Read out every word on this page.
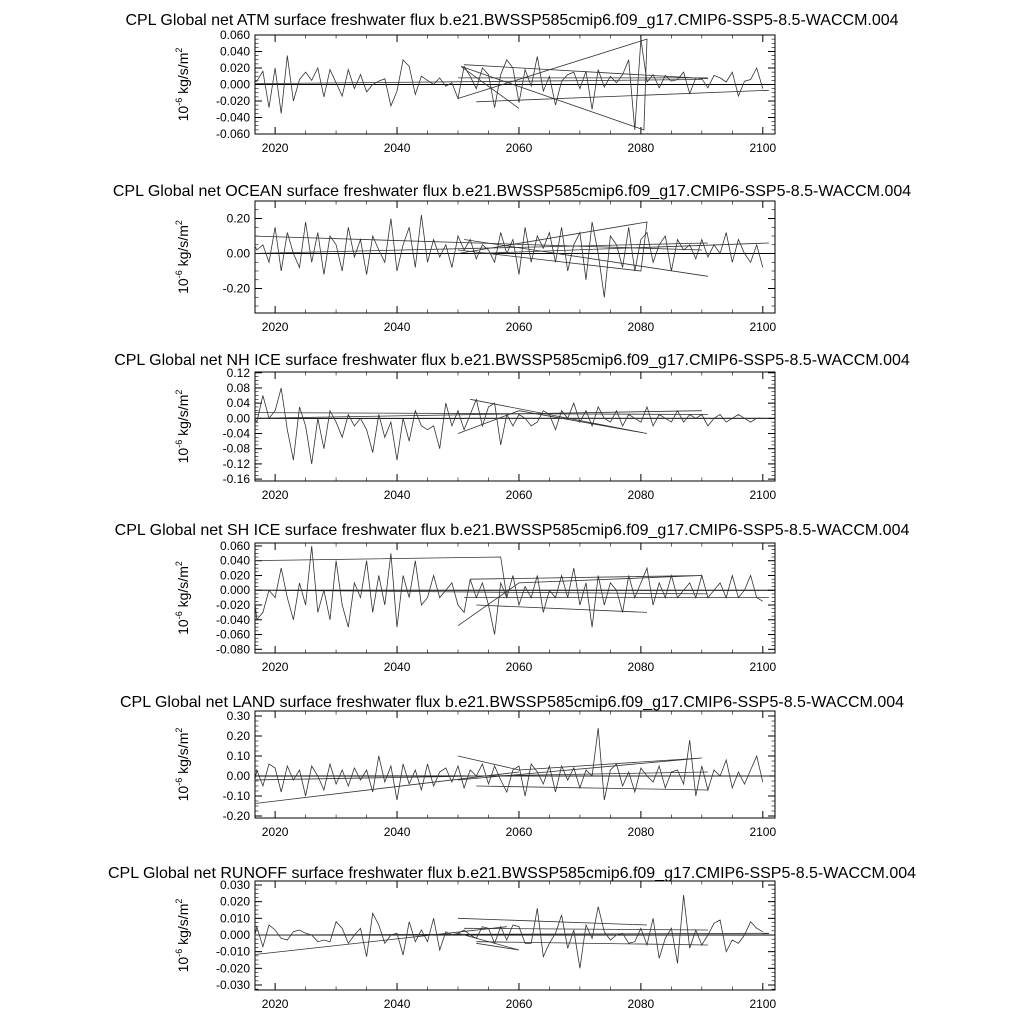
CPL Global net ATM surface freshwater flux b.e21.BWSSP585cmip6.f09_g17.CMIP6-SSP5-8.5-WACCM.004
-0.060
-0.040
-0.020
0.000
0.020
0.040
0.060
2020	2040	2060	2080	2100
$10^{-6}$ $kg/s/m^2$
CPL Global net OCEAN surface freshwater flux b.e21.BWSSP585cmip6.f09_g17.CMIP6-SSP5-8.5-WACCM.004
-0.20
0.00
0.20
2020	2040	2060	2080	2100
$10^{-6}$ $kg/s/m^2$
CPL Global net NH ICE surface freshwater flux b.e21.BWSSP585cmip6.f09_g17.CMIP6-SSP5-8.5-WACCM.004
-0.16
-0.12
-0.08
-0.04
0.00
0.04
0.08
0.12
2020	2040	2060	2080	2100
$10^{-6}$ $kg/s/m^2$
CPL Global net SH ICE surface freshwater flux b.e21.BWSSP585cmip6.f09_g17.CMIP6-SSP5-8.5-WACCM.004
-0.080
-0.060
-0.040
-0.020
0.000
0.020
0.040
0.060
2020	2040	2060	2080	2100
$10^{-6}$ $kg/s/m^2$
CPL Global net LAND surface freshwater flux b.e21.BWSSP585cmip6.f09_g17.CMIP6-SSP5-8.5-WACCM.004
-0.20
-0.10
0.00
0.10
0.20
0.30
2020	2040	2060	2080	2100
$10^{-6}$ $kg/s/m^2$
CPL Global net RUNOFF surface freshwater flux b.e21.BWSSP585cmip6.f09_g17.CMIP6-SSP5-8.5-WACCM.004
-0.030
-0.020
-0.010
0.000
0.010
0.020
0.030
2020	2040	2060	2080	2100
$10^{-6}$ $kg/s/m^2$
